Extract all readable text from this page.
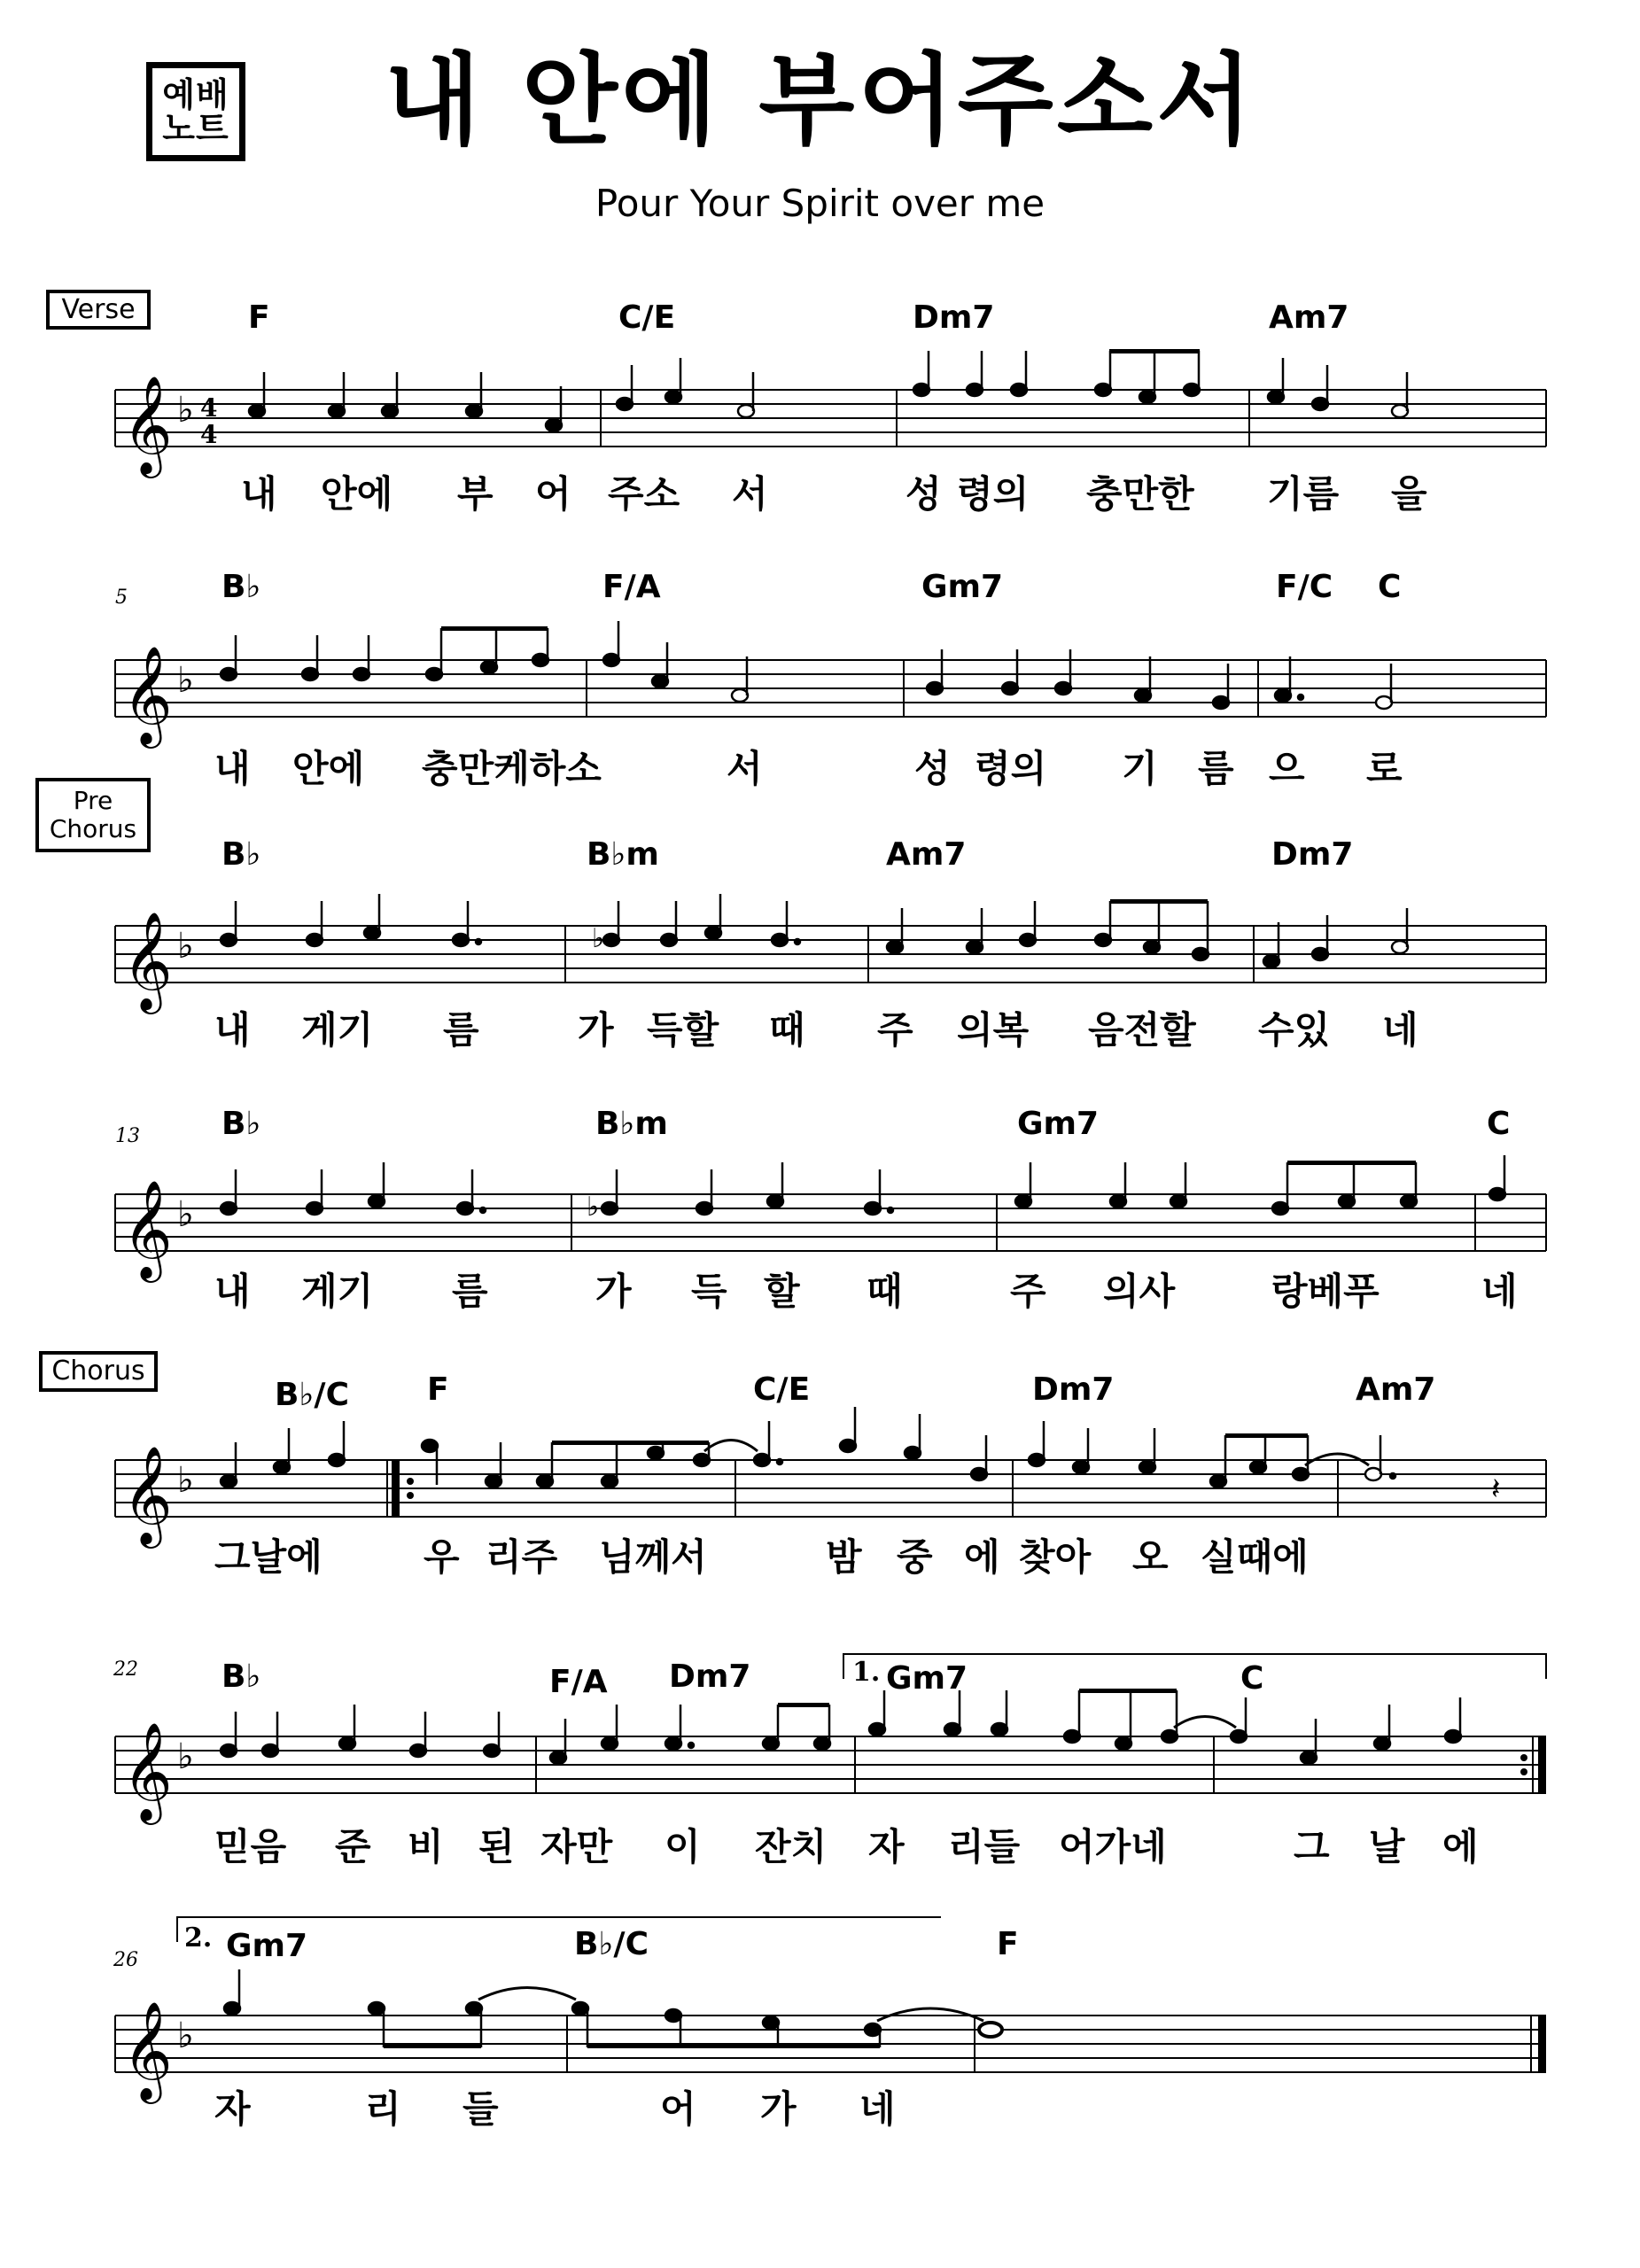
예배
노트	내 안에 부어주소서
Pour Your Spirit over me
Verse
Pre Chorus
Chorus
F	C/E	Dm7	Am7
𝄞 ♭ 4
4
내 안에 부 어 주소 서	성 령의 충만한 기름 을
5	B♭	F/A	Gm7	F/C C
𝄞 ♭
내 안에 충만케하소	서	성 령의 기 름 으 로
B♭	B♭m	Am7	Dm7
𝄞 ♭	♭
내 게기 름	가 득할 때 주 의복 음전할 수있 네
13	B♭	B♭m	Gm7	C
𝄞 ♭	♭
내 게기 름	가 득 할 때	주 의사	랑베푸	네
B♭/C F	C/E	Dm7	Am7
𝄞 ♭	𝄽
그날에	우 리주 님께서	밤 중 에 찾아 오 실때에
22	1.
B♭	F/A Dm7	Gm7	C
𝄞 ♭
믿음 준 비 된 자만 이 잔치 자 리들 어가네	그 날 에
26
2. Gm7	B♭/C	F
𝄞 ♭
자	리 들	어 가 네
